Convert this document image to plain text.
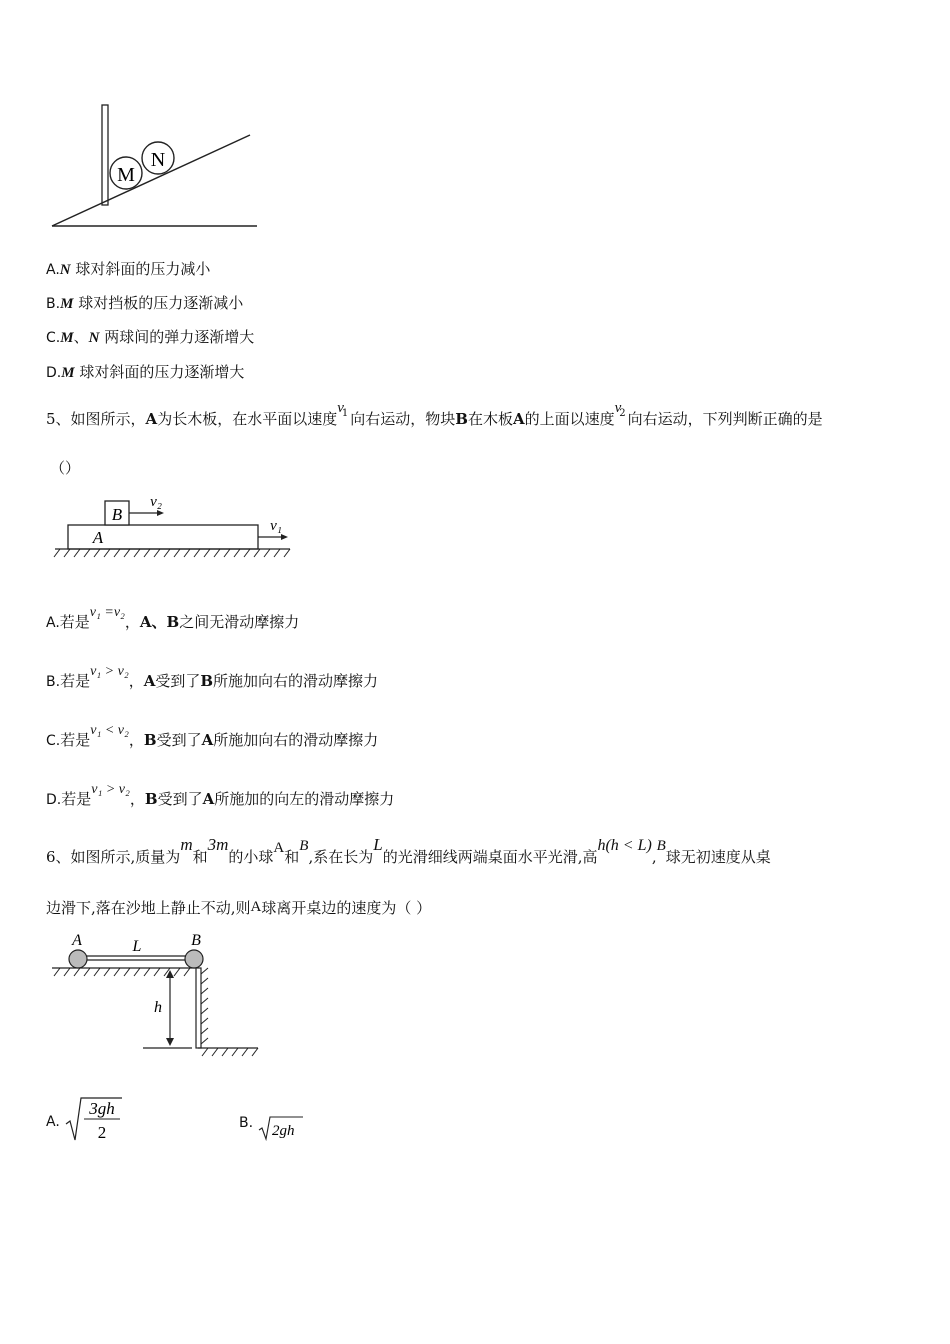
M
N
A.N 球对斜面的压力减小
B.M 球对挡板的压力逐渐减小
C.M、N 两球间的弹力逐渐增大
D.M 球对斜面的压力逐渐增大
5、如图所示，A为长木板，在水平面以速度$v^1$ 向右运动，物块B在木板A的上面以速度$v^2$ 向右运动，下列判断正确的是
（）
B
A
v₂
v₁
A.若是v₁ =v₂，A、B之间无滑动摩擦力
B.若是v₁ > v₂，A受到了B所施加向右的滑动摩擦力
C.若是v₁ < v₂，B受到了A所施加向右的滑动摩擦力
D.若是v₁ > v₂，B受到了A所施加的向左的滑动摩擦力
6、如图所示,质量为m和3m的小球A和B,系在长为L的光滑细线两端桌面水平光滑,高h(h < L),B球无初速度从桌
边滑下,落在沙地上静止不动,则A球离开桌边的速度为（ ）
A	B
L
h
A.
3gh
2	B. 2gh
